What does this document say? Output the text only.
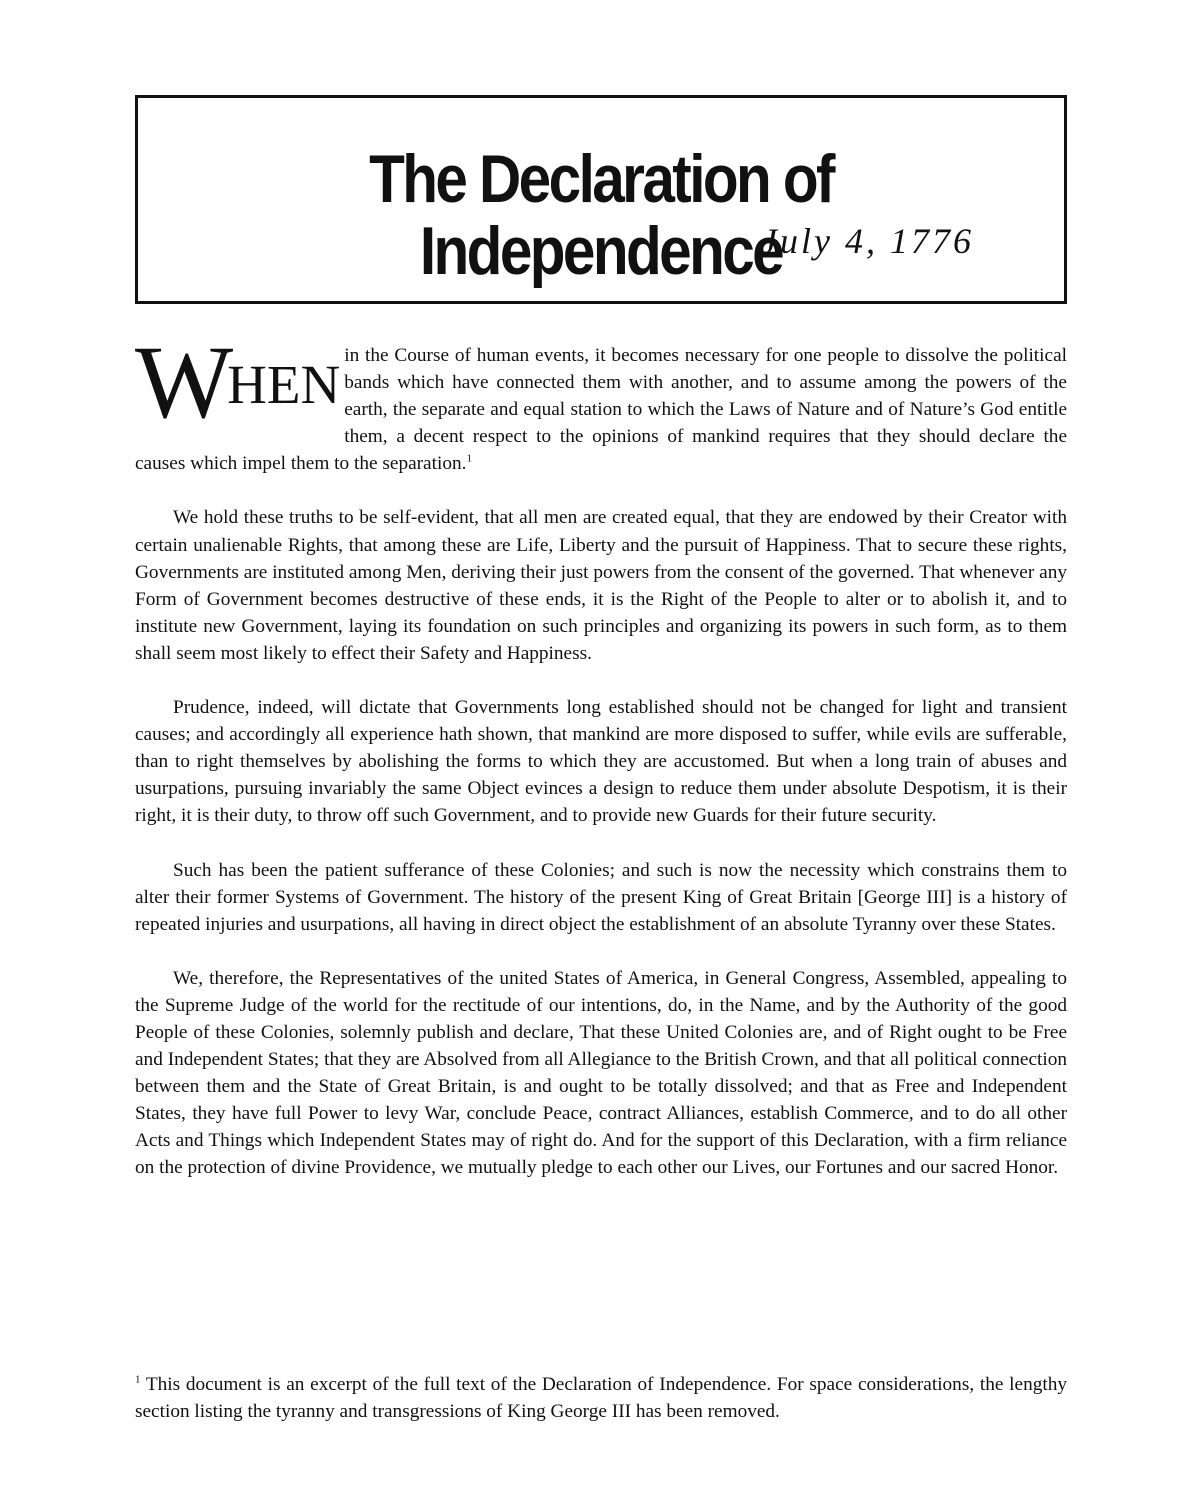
The Declaration of Independence
July 4, 1776

WHEN in the Course of human events, it becomes necessary for one people to dissolve the political bands which have connected them with another, and to assume among the powers of the earth, the separate and equal station to which the Laws of Nature and of Nature’s God entitle them, a decent respect to the opinions of mankind requires that they should declare the causes which impel them to the separation.$^1$

We hold these truths to be self-evident, that all men are created equal, that they are endowed by their Creator with certain unalienable Rights, that among these are Life, Liberty and the pursuit of Happiness. That to secure these rights, Governments are instituted among Men, deriving their just powers from the consent of the governed. That whenever any Form of Government becomes destructive of these ends, it is the Right of the People to alter or to abolish it, and to institute new Government, laying its foundation on such principles and organizing its powers in such form, as to them shall seem most likely to effect their Safety and Happiness.

Prudence, indeed, will dictate that Governments long established should not be changed for light and transient causes; and accordingly all experience hath shown, that mankind are more disposed to suffer, while evils are sufferable, than to right themselves by abolishing the forms to which they are accustomed. But when a long train of abuses and usurpations, pursuing invariably the same Object evinces a design to reduce them under absolute Despotism, it is their right, it is their duty, to throw off such Government, and to provide new Guards for their future security.

Such has been the patient sufferance of these Colonies; and such is now the necessity which constrains them to alter their former Systems of Government. The history of the present King of Great Britain [George III] is a history of repeated injuries and usurpations, all having in direct object the establishment of an absolute Tyranny over these States.

We, therefore, the Representatives of the united States of America, in General Congress, Assembled, appealing to the Supreme Judge of the world for the rectitude of our intentions, do, in the Name, and by the Authority of the good People of these Colonies, solemnly publish and declare, That these United Colonies are, and of Right ought to be Free and Independent States; that they are Absolved from all Allegiance to the British Crown, and that all political connection between them and the State of Great Britain, is and ought to be totally dissolved; and that as Free and Independent States, they have full Power to levy War, conclude Peace, contract Alliances, establish Commerce, and to do all other Acts and Things which Independent States may of right do. And for the support of this Declaration, with a firm reliance on the protection of divine Providence, we mutually pledge to each other our Lives, our Fortunes and our sacred Honor.

$^1$ This document is an excerpt of the full text of the Declaration of Independence. For space considerations, the lengthy section listing the tyranny and transgressions of King George III has been removed.
